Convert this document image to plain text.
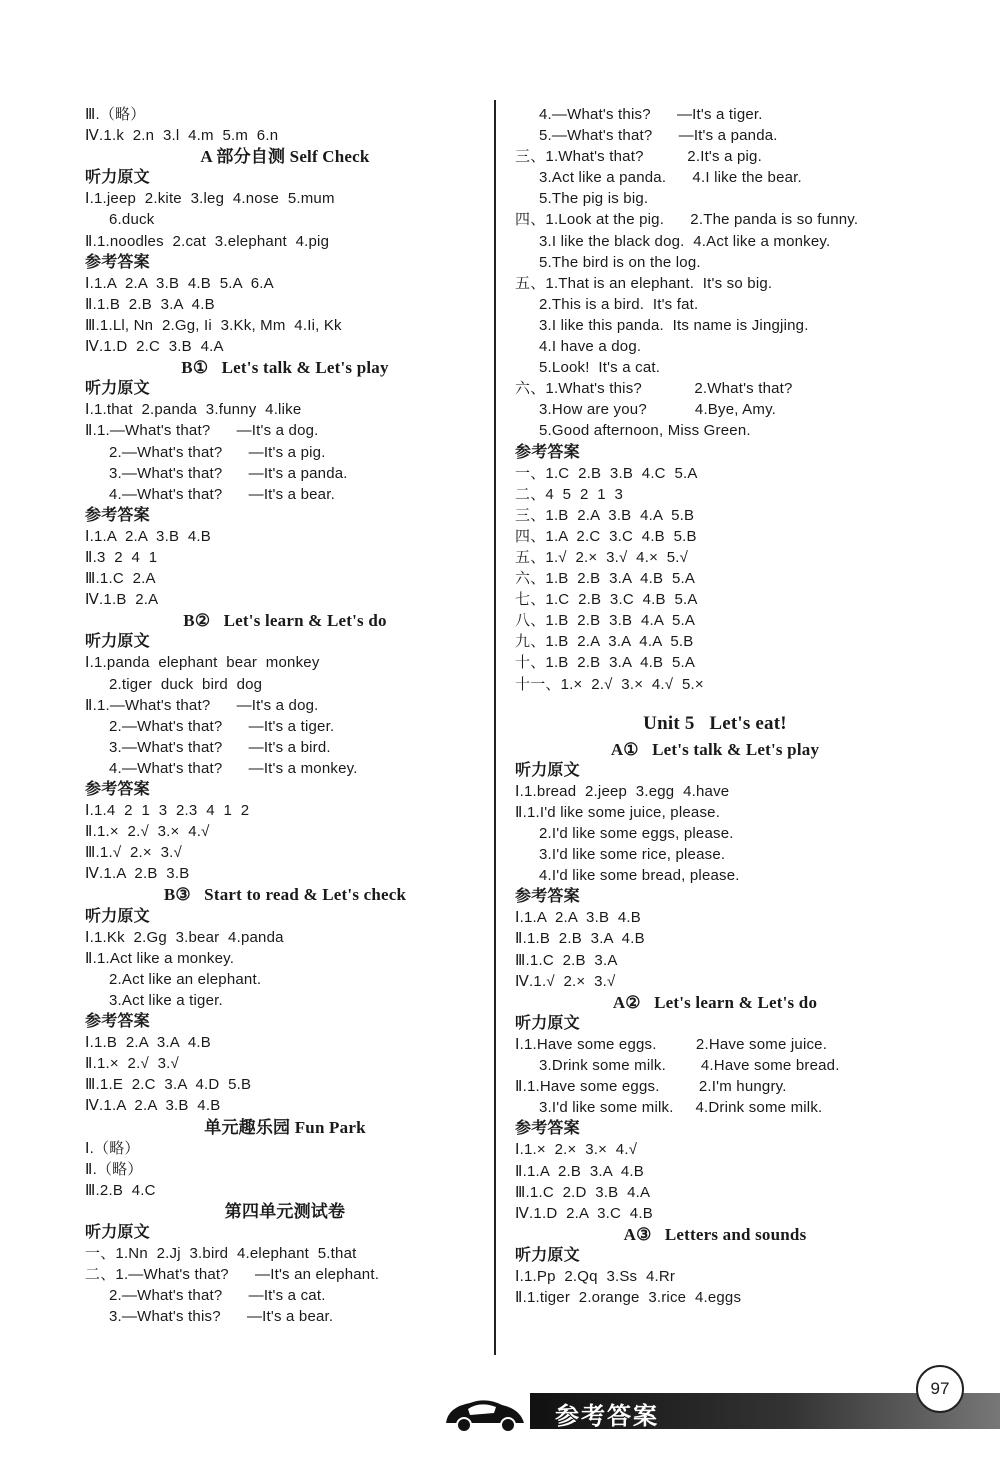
Ⅲ.（略）
Ⅳ.1.k  2.n  3.l  4.m  5.m  6.n
A 部分自测 Self Check
听力原文
Ⅰ.1.jeep  2.kite  3.leg  4.nose  5.mum
6.duck
Ⅱ.1.noodles  2.cat  3.elephant  4.pig
参考答案
Ⅰ.1.A  2.A  3.B  4.B  5.A  6.A
Ⅱ.1.B  2.B  3.A  4.B
Ⅲ.1.Ll, Nn  2.Gg, Ii  3.Kk, Mm  4.Ii, Kk
Ⅳ.1.D  2.C  3.B  4.A
B①   Let's talk & Let's play
听力原文
Ⅰ.1.that  2.panda  3.funny  4.like
Ⅱ.1.—What's that?      —It's a dog.
2.—What's that?      —It's a pig.
3.—What's that?      —It's a panda.
4.—What's that?      —It's a bear.
参考答案
Ⅰ.1.A  2.A  3.B  4.B
Ⅱ.3  2  4  1
Ⅲ.1.C  2.A
Ⅳ.1.B  2.A
B②   Let's learn & Let's do
听力原文
Ⅰ.1.panda  elephant  bear  monkey
2.tiger  duck  bird  dog
Ⅱ.1.—What's that?      —It's a dog.
2.—What's that?      —It's a tiger.
3.—What's that?      —It's a bird.
4.—What's that?      —It's a monkey.
参考答案
Ⅰ.1.4  2  1  3  2.3  4  1  2
Ⅱ.1.×  2.√  3.×  4.√
Ⅲ.1.√  2.×  3.√
Ⅳ.1.A  2.B  3.B
B③   Start to read & Let's check
听力原文
Ⅰ.1.Kk  2.Gg  3.bear  4.panda
Ⅱ.1.Act like a monkey.
2.Act like an elephant.
3.Act like a tiger.
参考答案
Ⅰ.1.B  2.A  3.A  4.B
Ⅱ.1.×  2.√  3.√
Ⅲ.1.E  2.C  3.A  4.D  5.B
Ⅳ.1.A  2.A  3.B  4.B
单元趣乐园 Fun Park
Ⅰ.（略）
Ⅱ.（略）
Ⅲ.2.B  4.C
第四单元测试卷
听力原文
一、1.Nn  2.Jj  3.bird  4.elephant  5.that
二、1.—What's that?      —It's an elephant.
2.—What's that?      —It's a cat.
3.—What's this?      —It's a bear.
4.—What's this?      —It's a tiger.
5.—What's that?      —It's a panda.
三、1.What's that?          2.It's a pig.
3.Act like a panda.      4.I like the bear.
5.The pig is big.
四、1.Look at the pig.      2.The panda is so funny.
3.I like the black dog.  4.Act like a monkey.
5.The bird is on the log.
五、1.That is an elephant.  It's so big.
2.This is a bird.  It's fat.
3.I like this panda.  Its name is Jingjing.
4.I have a dog.
5.Look!  It's a cat.
六、1.What's this?            2.What's that?
3.How are you?           4.Bye, Amy.
5.Good afternoon, Miss Green.
参考答案
一、1.C  2.B  3.B  4.C  5.A
二、4  5  2  1  3
三、1.B  2.A  3.B  4.A  5.B
四、1.A  2.C  3.C  4.B  5.B
五、1.√  2.×  3.√  4.×  5.√
六、1.B  2.B  3.A  4.B  5.A
七、1.C  2.B  3.C  4.B  5.A
八、1.B  2.B  3.B  4.A  5.A
九、1.B  2.A  3.A  4.A  5.B
十、1.B  2.B  3.A  4.B  5.A
十一、1.×  2.√  3.×  4.√  5.×
Unit 5   Let's eat!
A①   Let's talk & Let's play
听力原文
Ⅰ.1.bread  2.jeep  3.egg  4.have
Ⅱ.1.I'd like some juice, please.
2.I'd like some eggs, please.
3.I'd like some rice, please.
4.I'd like some bread, please.
参考答案
Ⅰ.1.A  2.A  3.B  4.B
Ⅱ.1.B  2.B  3.A  4.B
Ⅲ.1.C  2.B  3.A
Ⅳ.1.√  2.×  3.√
A②   Let's learn & Let's do
听力原文
Ⅰ.1.Have some eggs.         2.Have some juice.
3.Drink some milk.        4.Have some bread.
Ⅱ.1.Have some eggs.         2.I'm hungry.
3.I'd like some milk.     4.Drink some milk.
参考答案
Ⅰ.1.×  2.×  3.×  4.√
Ⅱ.1.A  2.B  3.A  4.B
Ⅲ.1.C  2.D  3.B  4.A
Ⅳ.1.D  2.A  3.C  4.B
A③   Letters and sounds
听力原文
Ⅰ.1.Pp  2.Qq  3.Ss  4.Rr
Ⅱ.1.tiger  2.orange  3.rice  4.eggs
参考答案
97
